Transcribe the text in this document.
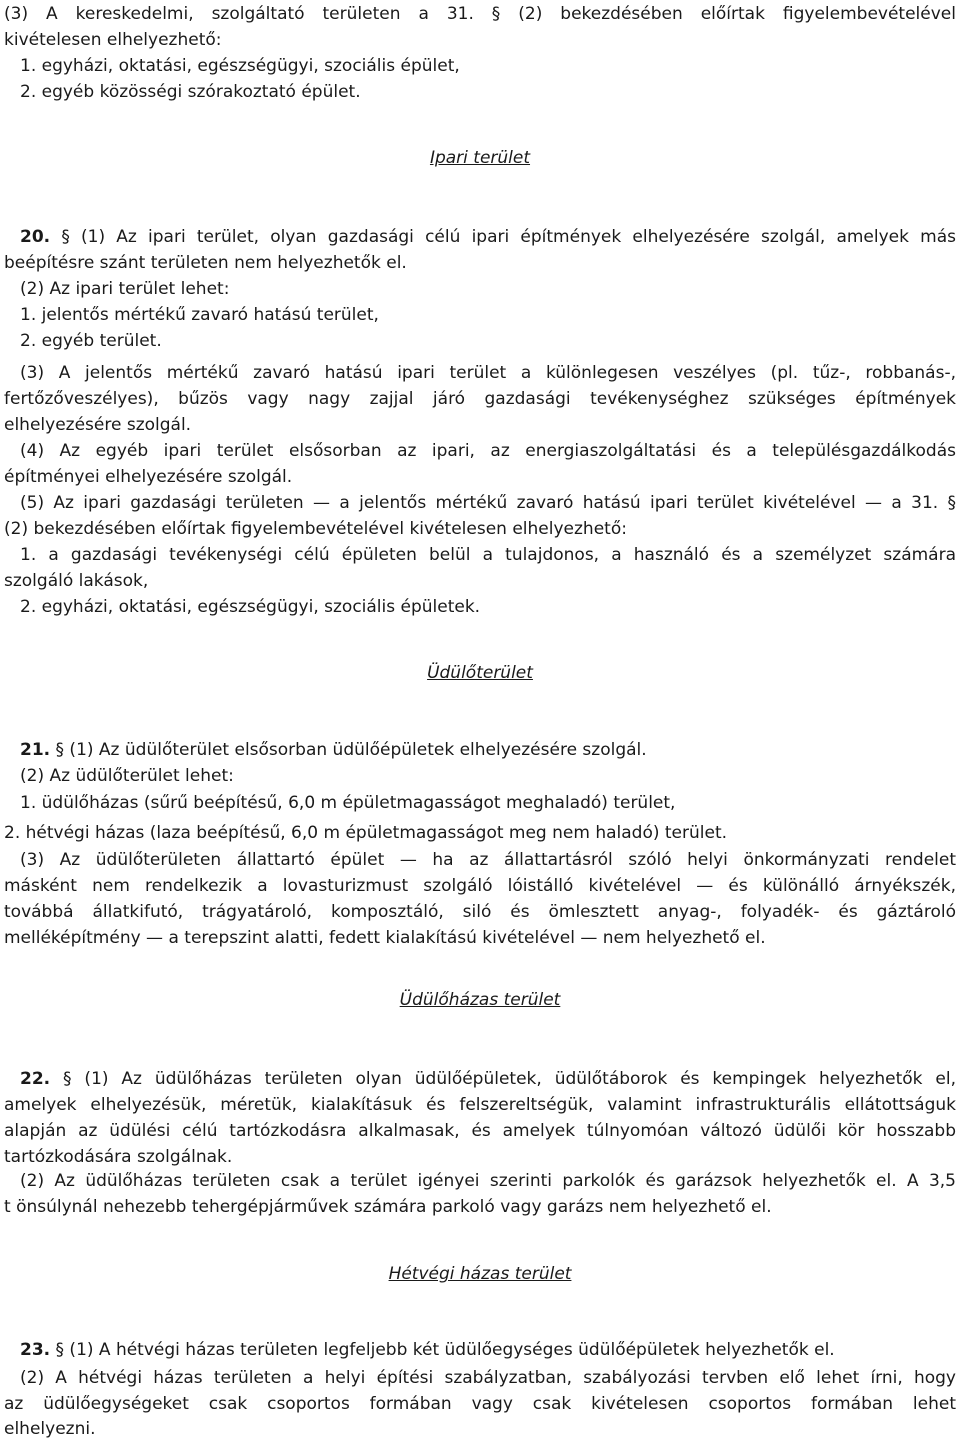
(3) A kereskedelmi, szolgáltató területen a 31. § (2) bekezdésében előírtak figyelembevételével
kivételesen elhelyezhető:
1. egyházi, oktatási, egészségügyi, szociális épület,
2. egyéb közösségi szórakoztató épület.
Ipari terület
20. § (1) Az ipari terület, olyan gazdasági célú ipari építmények elhelyezésére szolgál, amelyek más
beépítésre szánt területen nem helyezhetők el.
(2) Az ipari terület lehet:
1. jelentős mértékű zavaró hatású terület,
2. egyéb terület.
(3) A jelentős mértékű zavaró hatású ipari terület a különlegesen veszélyes (pl. tűz-, robbanás-,
fertőzőveszélyes), bűzös vagy nagy zajjal járó gazdasági tevékenységhez szükséges építmények
elhelyezésére szolgál.
(4) Az egyéb ipari terület elsősorban az ipari, az energiaszolgáltatási és a településgazdálkodás
építményei elhelyezésére szolgál.
(5) Az ipari gazdasági területen — a jelentős mértékű zavaró hatású ipari terület kivételével — a 31. §
(2) bekezdésében előírtak figyelembevételével kivételesen elhelyezhető:
1. a gazdasági tevékenységi célú épületen belül a tulajdonos, a használó és a személyzet számára
szolgáló lakások,
2. egyházi, oktatási, egészségügyi, szociális épületek.
Üdülőterület
21. § (1) Az üdülőterület elsősorban üdülőépületek elhelyezésére szolgál.
(2) Az üdülőterület lehet:
1. üdülőházas (sűrű beépítésű, 6,0 m épületmagasságot meghaladó) terület,
2. hétvégi házas (laza beépítésű, 6,0 m épületmagasságot meg nem haladó) terület.
(3) Az üdülőterületen állattartó épület — ha az állattartásról szóló helyi önkormányzati rendelet
másként nem rendelkezik a lovasturizmust szolgáló lóistálló kivételével — és különálló árnyékszék,
továbbá állatkifutó, trágyatároló, komposztáló, siló és ömlesztett anyag-, folyadék- és gáztároló
melléképítmény — a terepszint alatti, fedett kialakítású kivételével — nem helyezhető el.
Üdülőházas terület
22. § (1) Az üdülőházas területen olyan üdülőépületek, üdülőtáborok és kempingek helyezhetők el,
amelyek elhelyezésük, méretük, kialakításuk és felszereltségük, valamint infrastrukturális ellátottságuk
alapján az üdülési célú tartózkodásra alkalmasak, és amelyek túlnyomóan változó üdülői kör hosszabb
tartózkodására szolgálnak.
(2) Az üdülőházas területen csak a terület igényei szerinti parkolók és garázsok helyezhetők el. A 3,5
t önsúlynál nehezebb tehergépjárművek számára parkoló vagy garázs nem helyezhető el.
Hétvégi házas terület
23. § (1) A hétvégi házas területen legfeljebb két üdülőegységes üdülőépületek helyezhetők el.
(2) A hétvégi házas területen a helyi építési szabályzatban, szabályozási tervben elő lehet írni, hogy
az üdülőegységeket csak csoportos formában vagy csak kivételesen csoportos formában lehet
elhelyezni.
